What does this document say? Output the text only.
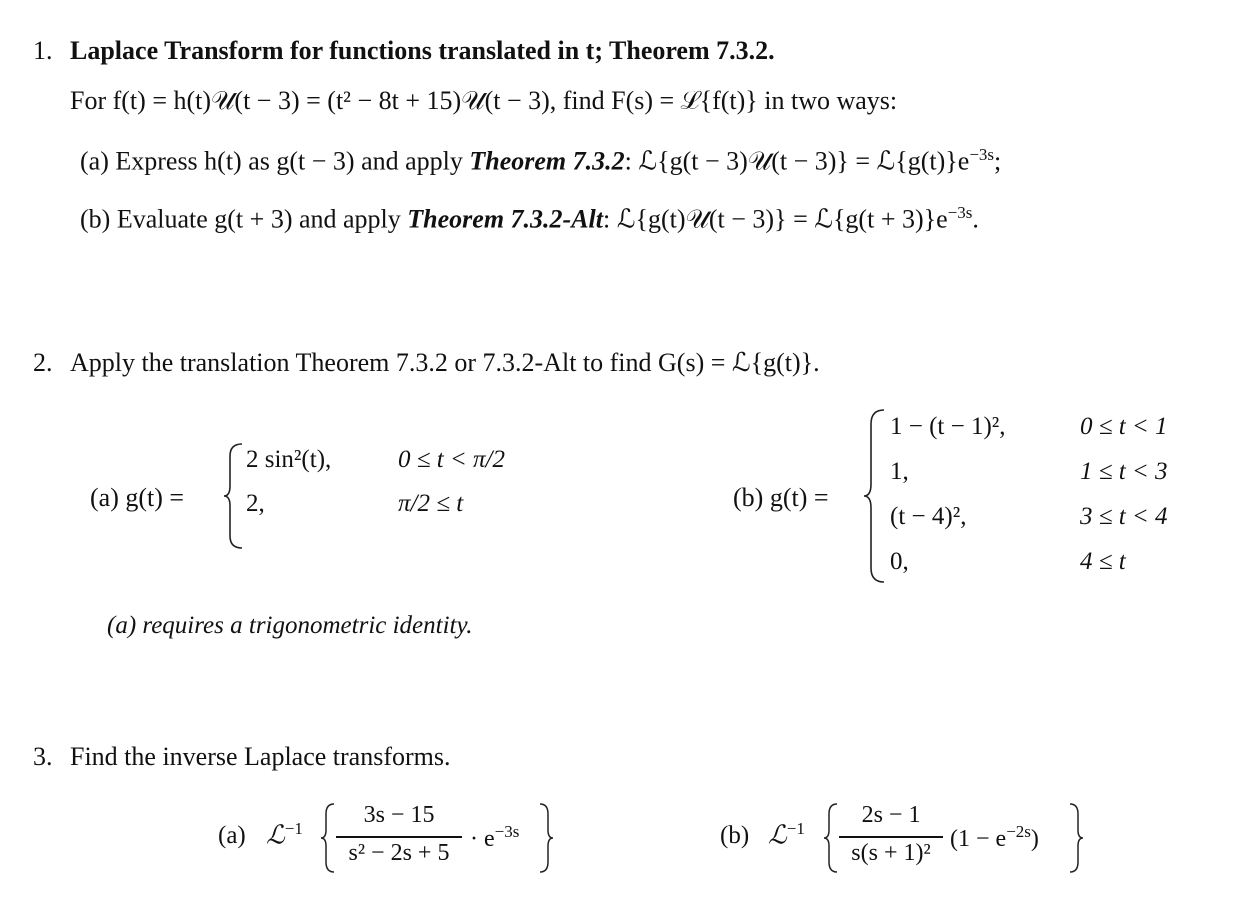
1. Laplace Transform for functions translated in t; Theorem 7.3.2.
For f(t) = h(t)𝒰(t − 3) = (t² − 8t + 15)𝒰(t − 3), find F(s) = ℒ{f(t)} in two ways:
(a) Express h(t) as g(t − 3) and apply Theorem 7.3.2: ℒ{g(t − 3)𝒰(t − $3)\} = ℒ\{g(t)\}e^{-3s}$;
(b) Evaluate g(t + 3) and apply Theorem 7.3.2-Alt: ℒ{g(t)𝒰(t − 3)} = ℒ{g(t + $3)\}e^{-3s}$.
2. Apply the translation Theorem 7.3.2 or 7.3.2-Alt to find G(s) = ℒ{g(t)}.
(a) g(t) =
2 sin²(t),	0 ≤ t < π/2
2,	π/2 ≤ t
(a) requires a trigonometric identity.
(b) g(t) =
1 − (t − 1)²,	0 ≤ t < 1
1,	1 ≤ t < 3
(t − 4)²,	3 ≤ t < 4
0,	4 ≤ t
3. Find the inverse Laplace transforms.
(a) ℒ$^{-1}$
3s − 15
s² − 2s + 5
· $e^{-3s}$	(b) ℒ$^{-1}$
2s − 1
s(s + 1)²
$(1 - e^{-2s})$
